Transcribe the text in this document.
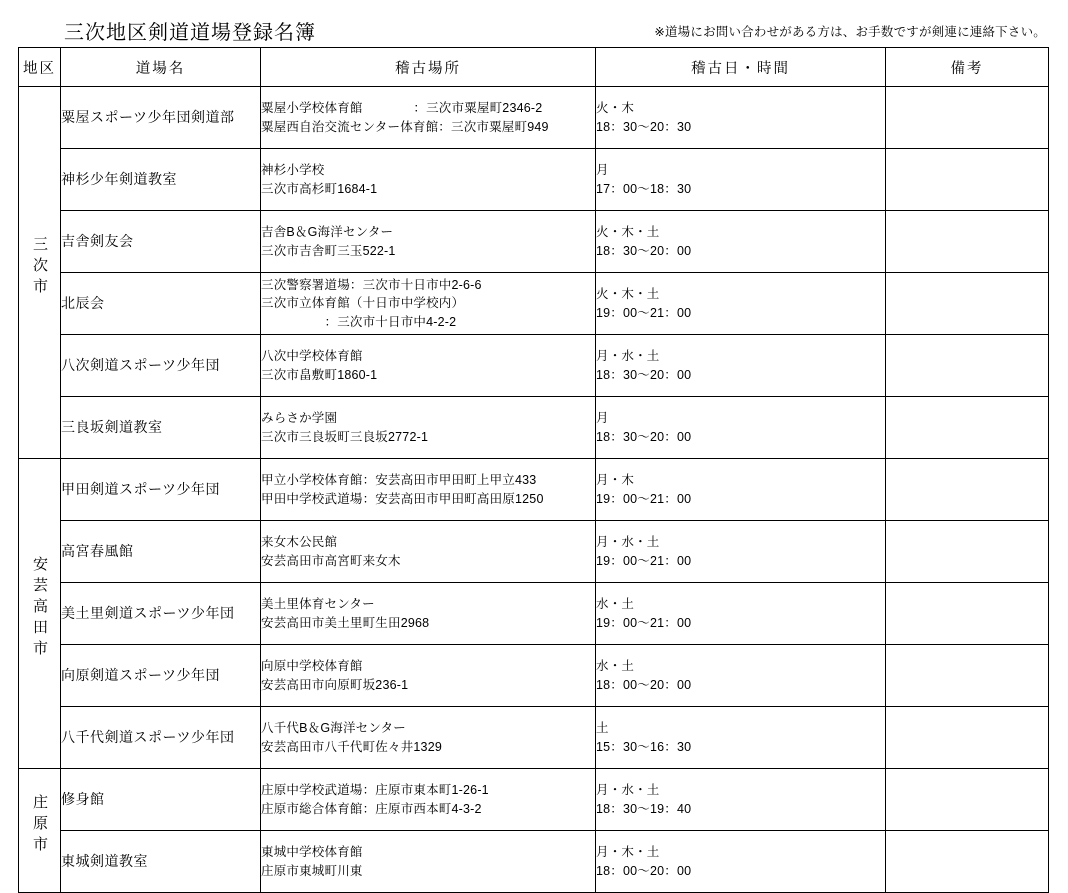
三次地区剣道道場登録名簿	※道場にお問い合わせがある方は、お手数ですが剣連に連絡下さい。
地区	道場名	稽古場所	稽古日・時間	備考
三次市	粟屋スポーツ少年団剣道部	粟屋小学校体育館　　　　：三次市粟屋町2346-2
粟屋西自治交流センター体育館：三次市粟屋町949	火・木
18：30～20：30	

	神杉少年剣道教室	神杉小学校
三次市高杉町1684-1	月
17：00～18：30	

	吉舎剣友会	吉舎B＆G海洋センター
三次市吉舎町三玉522-1	火・木・土
18：30～20：00	

	北辰会	三次警察署道場：三次市十日市中2-6-6
三次市立体育館（十日市中学校内）
　　　　　：三次市十日市中4-2-2	火・木・土
19：00～21：00	

	八次剣道スポーツ少年団	八次中学校体育館
三次市畠敷町1860-1	月・水・土
18：30～20：00	

	三良坂剣道教室	みらさか学園
三次市三良坂町三良坂2772-1	月
18：30～20：00	

安芸高田市	甲田剣道スポーツ少年団	甲立小学校体育館：安芸高田市甲田町上甲立433
甲田中学校武道場：安芸高田市甲田町高田原1250	月・木
19：00～21：00	

	高宮春風館	来女木公民館
安芸高田市高宮町来女木	月・水・土
19：00～21：00	

	美土里剣道スポーツ少年団	美土里体育センター
安芸高田市美土里町生田2968	水・土
19：00～21：00	

	向原剣道スポーツ少年団	向原中学校体育館
安芸高田市向原町坂236-1	水・土
18：00～20：00	

	八千代剣道スポーツ少年団	八千代B＆G海洋センター
安芸高田市八千代町佐々井1329	土
15：30～16：30	

庄原市	修身館	庄原中学校武道場：庄原市東本町1-26-1
庄原市総合体育館：庄原市西本町4-3-2	月・水・土
18：30～19：40	

	東城剣道教室	東城中学校体育館
庄原市東城町川東	月・木・土
18：00～20：00	
